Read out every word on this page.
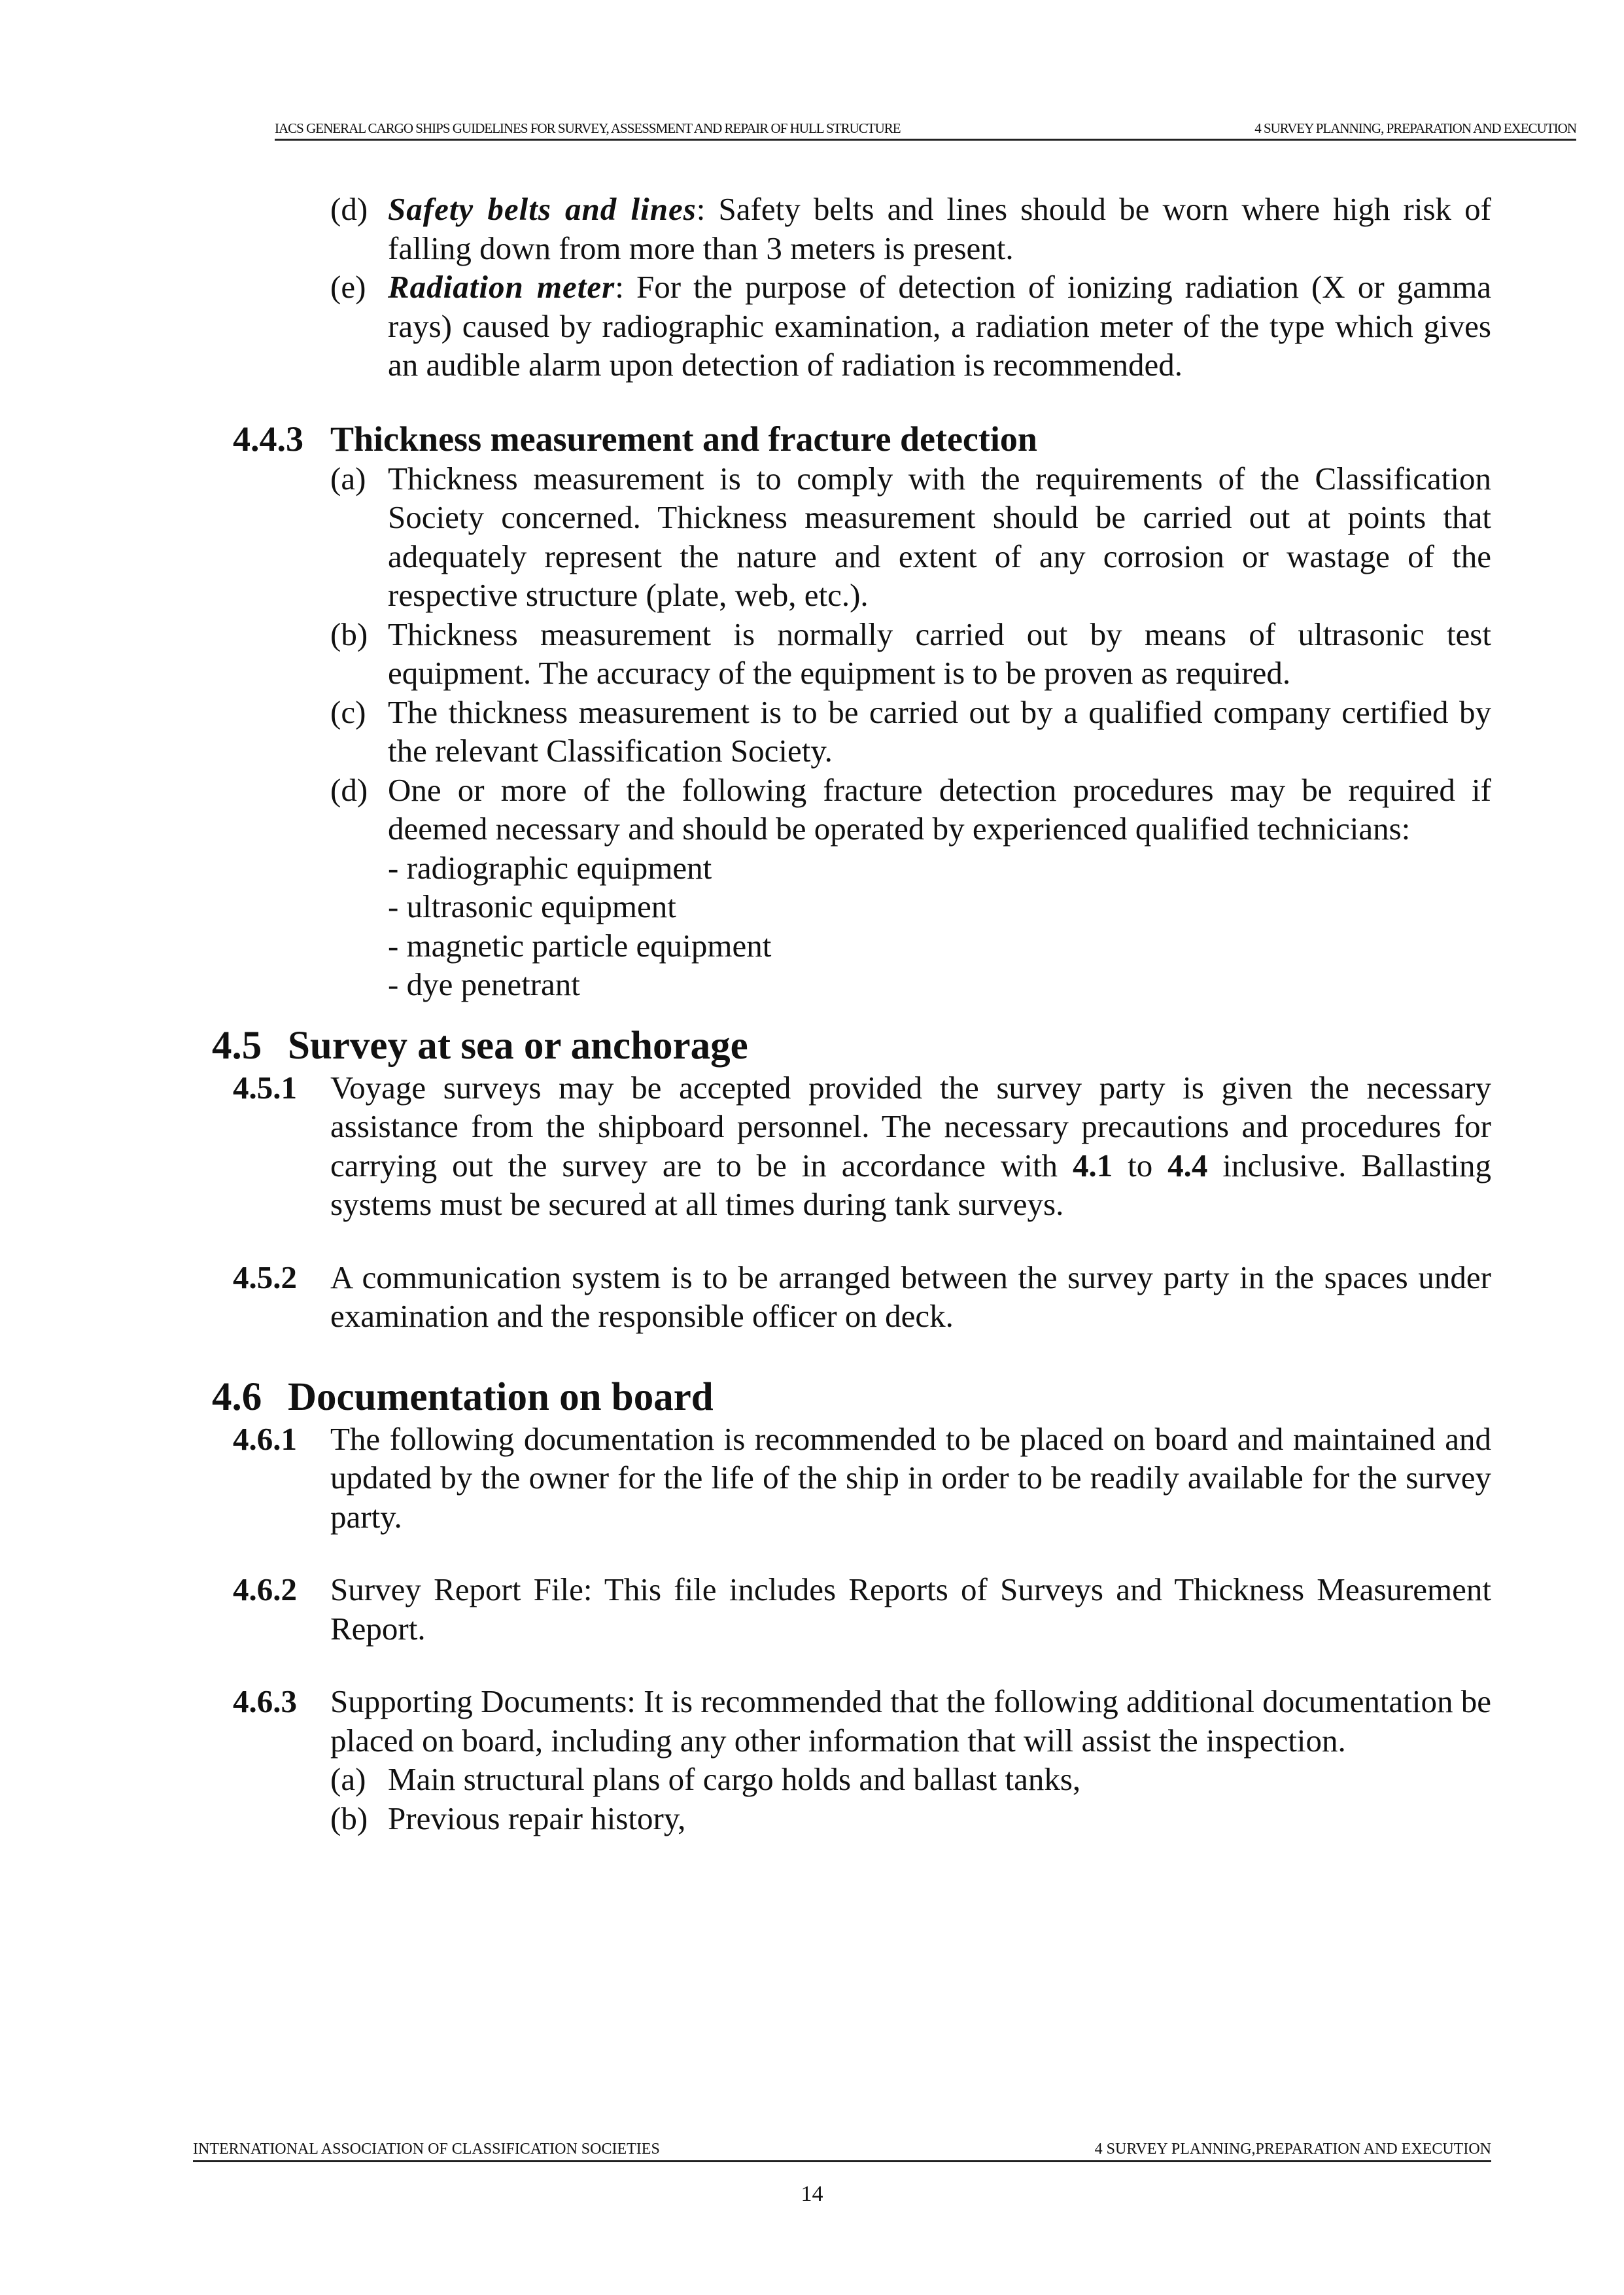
IACS GENERAL CARGO SHIPS GUIDELINES FOR SURVEY, ASSESSMENT AND REPAIR OF HULL STRUCTURE	4 SURVEY PLANNING, PREPARATION AND EXECUTION
(d) Safety belts and lines: Safety belts and lines should be worn where high risk of falling down from more than 3 meters is present.
(e) Radiation meter: For the purpose of detection of ionizing radiation (X or gamma rays) caused by radiographic examination, a radiation meter of the type which gives an audible alarm upon detection of radiation is recommended.
4.4.3 Thickness measurement and fracture detection
(a) Thickness measurement is to comply with the requirements of the Classification Society concerned. Thickness measurement should be carried out at points that adequately represent the nature and extent of any corrosion or wastage of the respective structure (plate, web, etc.).
(b) Thickness measurement is normally carried out by means of ultrasonic test equipment. The accuracy of the equipment is to be proven as required.
(c) The thickness measurement is to be carried out by a qualified company certified by the relevant Classification Society.
(d) One or more of the following fracture detection procedures may be required if deemed necessary and should be operated by experienced qualified technicians:
- radiographic equipment
- ultrasonic equipment
- magnetic particle equipment
- dye penetrant
4.5 Survey at sea or anchorage
4.5.1 Voyage surveys may be accepted provided the survey party is given the necessary assistance from the shipboard personnel. The necessary precautions and procedures for carrying out the survey are to be in accordance with 4.1 to 4.4 inclusive. Ballasting systems must be secured at all times during tank surveys.
4.5.2 A communication system is to be arranged between the survey party in the spaces under examination and the responsible officer on deck.
4.6 Documentation on board
4.6.1 The following documentation is recommended to be placed on board and maintained and updated by the owner for the life of the ship in order to be readily available for the survey party.
4.6.2 Survey Report File: This file includes Reports of Surveys and Thickness Measurement Report.
4.6.3 Supporting Documents: It is recommended that the following additional documentation be placed on board, including any other information that will assist the inspection.
(a) Main structural plans of cargo holds and ballast tanks,
(b) Previous repair history,
INTERNATIONAL ASSOCIATION OF CLASSIFICATION SOCIETIES	4 SURVEY PLANNING,PREPARATION AND EXECUTION
14
